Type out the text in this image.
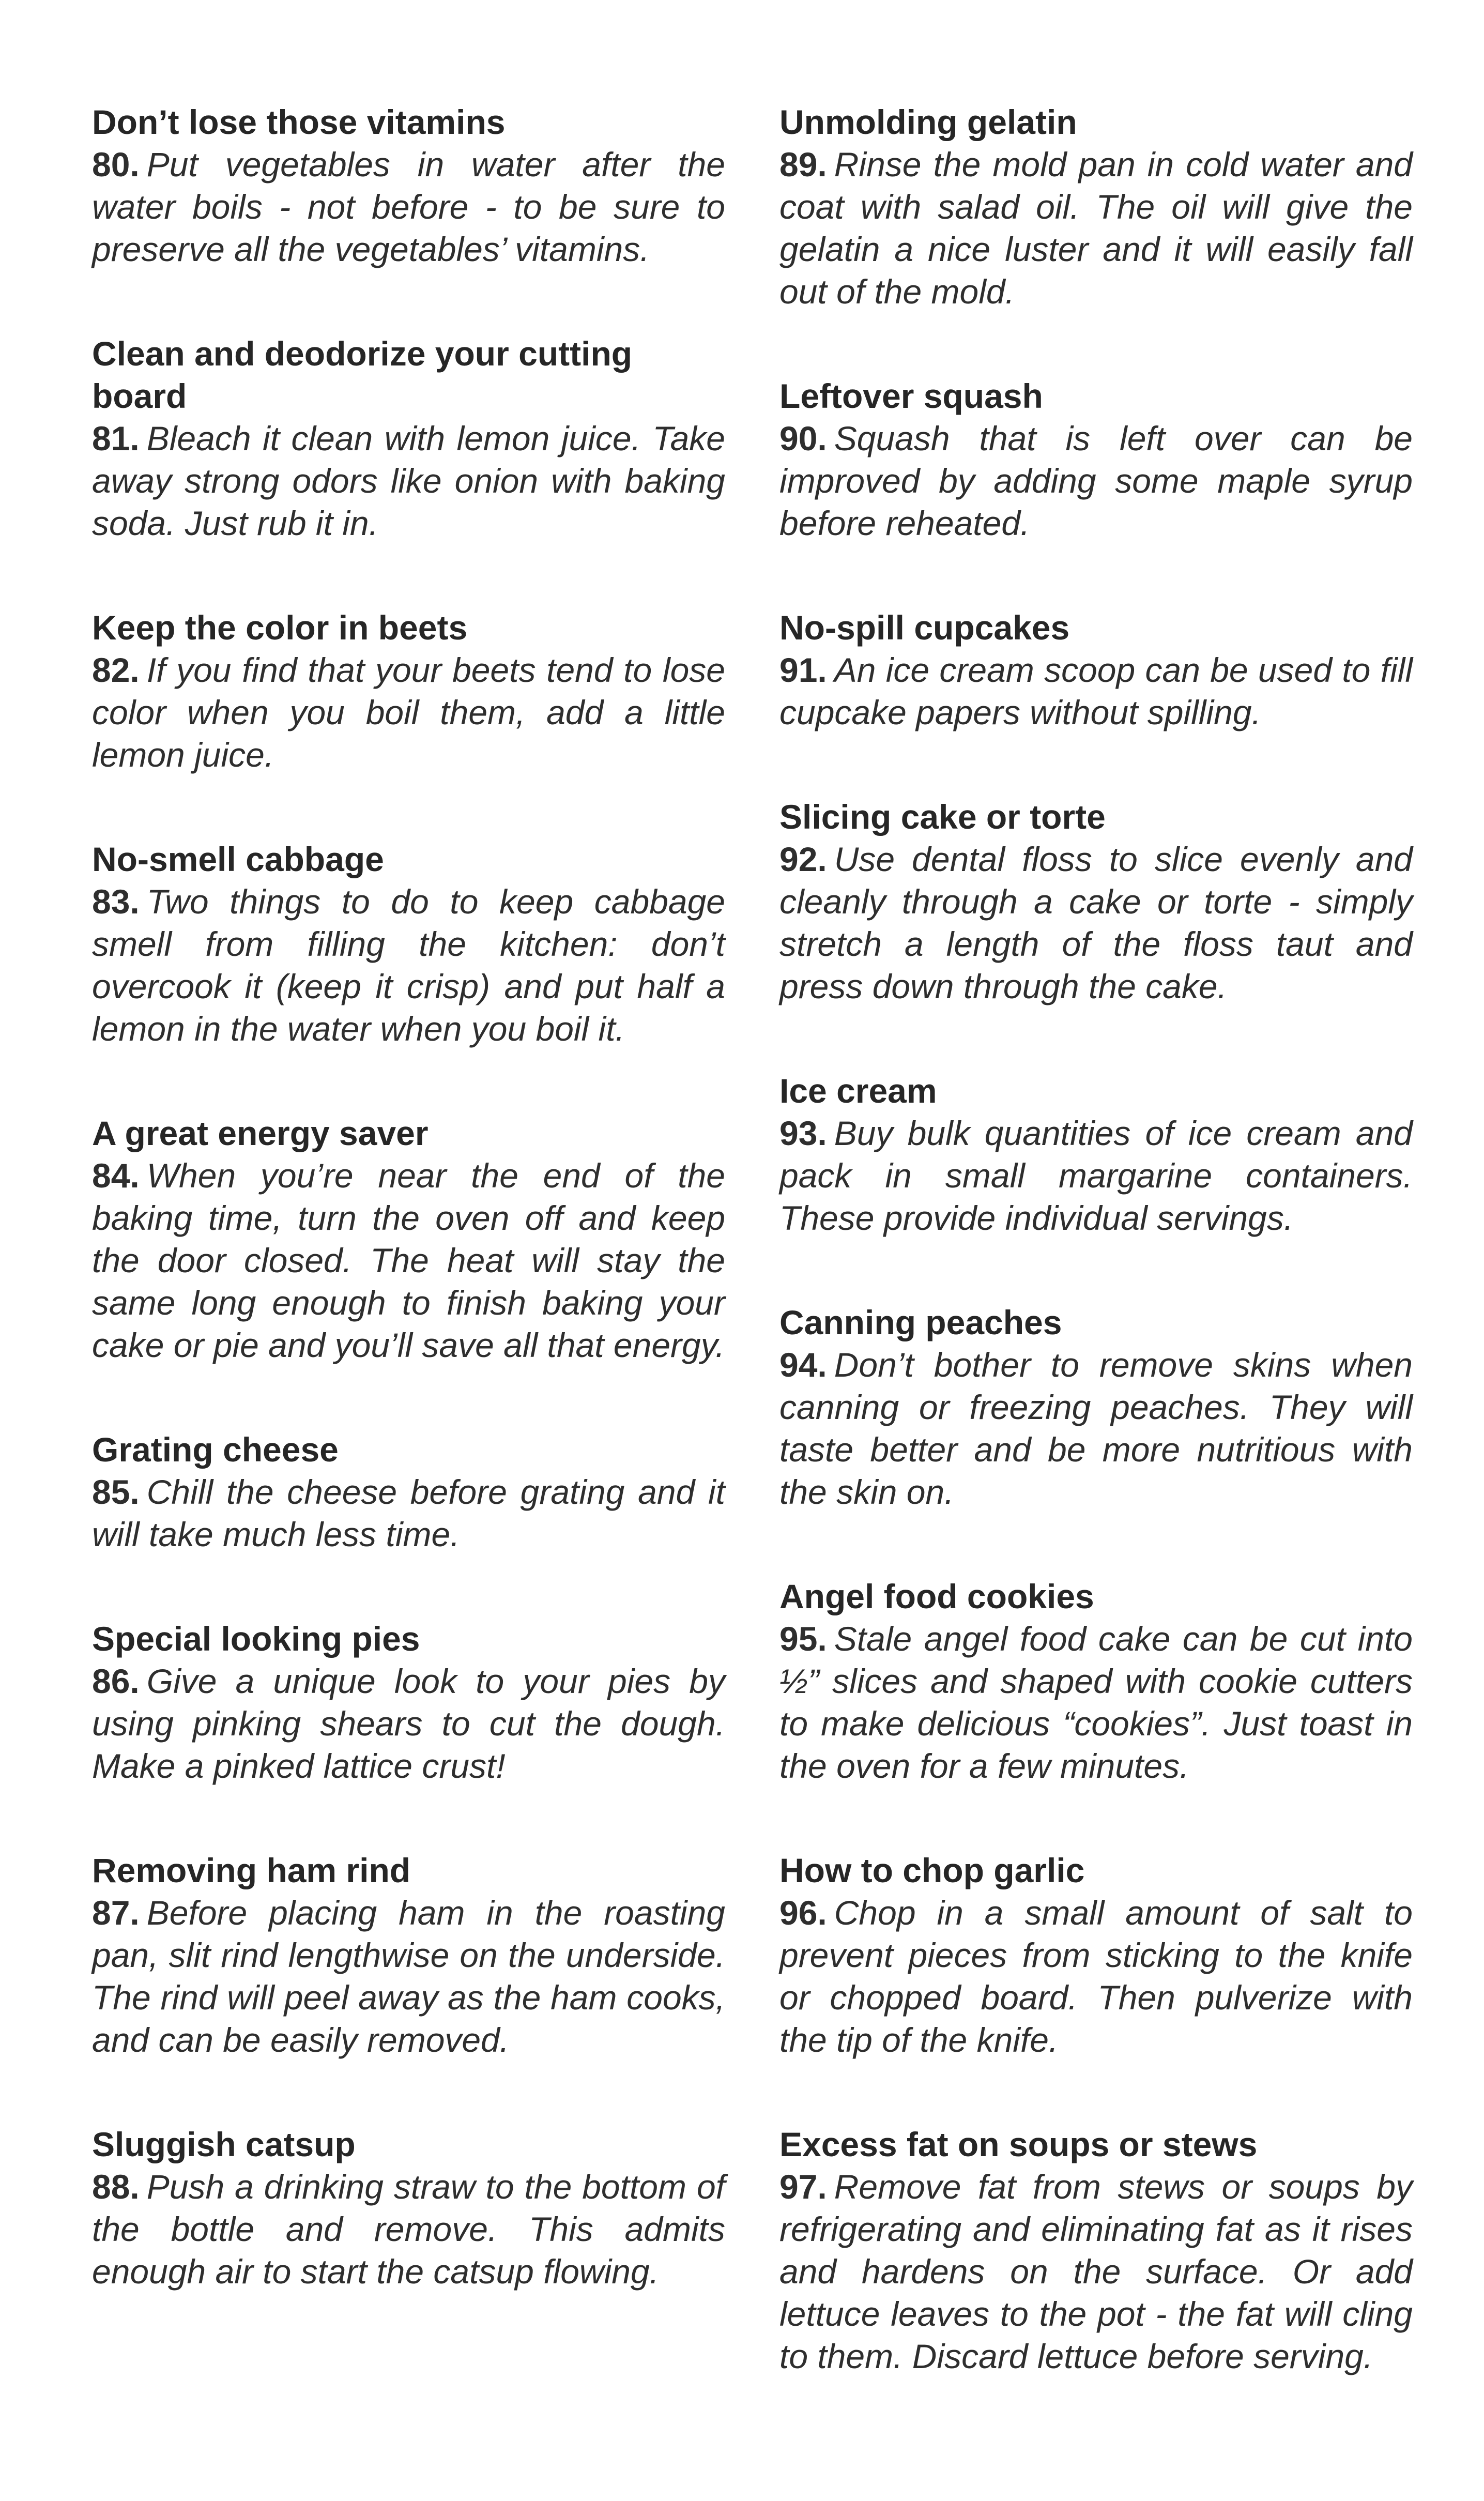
Don’t lose those vitamins

80. Put vegetables in water after the water boils - not before - to be sure to preserve all the vegetables’ vitamins.

Clean and deodorize your cutting board

81. Bleach it clean with lemon juice. Take away strong odors like onion with baking soda. Just rub it in.

Keep the color in beets

82. If you find that your beets tend to lose color when you boil them, add a little lemon juice.

No-smell cabbage

83. Two things to do to keep cabbage smell from filling the kitchen: don’t overcook it (keep it crisp) and put half a lemon in the water when you boil it.

A great energy saver

84. When you’re near the end of the baking time, turn the oven off and keep the door closed. The heat will stay the same long enough to finish baking your cake or pie and you’ll save all that energy.

Grating cheese

85. Chill the cheese before grating and it will take much less time.

Special looking pies

86. Give a unique look to your pies by using pinking shears to cut the dough. Make a pinked lattice crust!

Removing ham rind

87. Before placing ham in the roasting pan, slit rind lengthwise on the underside. The rind will peel away as the ham cooks, and can be easily removed.

Sluggish catsup

88. Push a drinking straw to the bottom of the bottle and remove. This admits enough air to start the catsup flowing.

Unmolding gelatin

89. Rinse the mold pan in cold water and coat with salad oil. The oil will give the gelatin a nice luster and it will easily fall out of the mold.

Leftover squash

90. Squash that is left over can be improved by adding some maple syrup before reheated.

No-spill cupcakes

91. An ice cream scoop can be used to fill cupcake papers without spilling.

Slicing cake or torte

92. Use dental floss to slice evenly and cleanly through a cake or torte - simply stretch a length of the floss taut and press down through the cake.

Ice cream

93. Buy bulk quantities of ice cream and pack in small margarine containers. These provide individual servings.

Canning peaches

94. Don’t bother to remove skins when canning or freezing peaches. They will taste better and be more nutritious with the skin on.

Angel food cookies

95. Stale angel food cake can be cut into ½” slices and shaped with cookie cutters to make delicious “cookies”. Just toast in the oven for a few minutes.

How to chop garlic

96. Chop in a small amount of salt to prevent pieces from sticking to the knife or chopped board. Then pulverize with the tip of the knife.

Excess fat on soups or stews

97. Remove fat from stews or soups by refrigerating and eliminating fat as it rises and hardens on the surface. Or add lettuce leaves to the pot - the fat will cling to them. Discard lettuce before serving.
